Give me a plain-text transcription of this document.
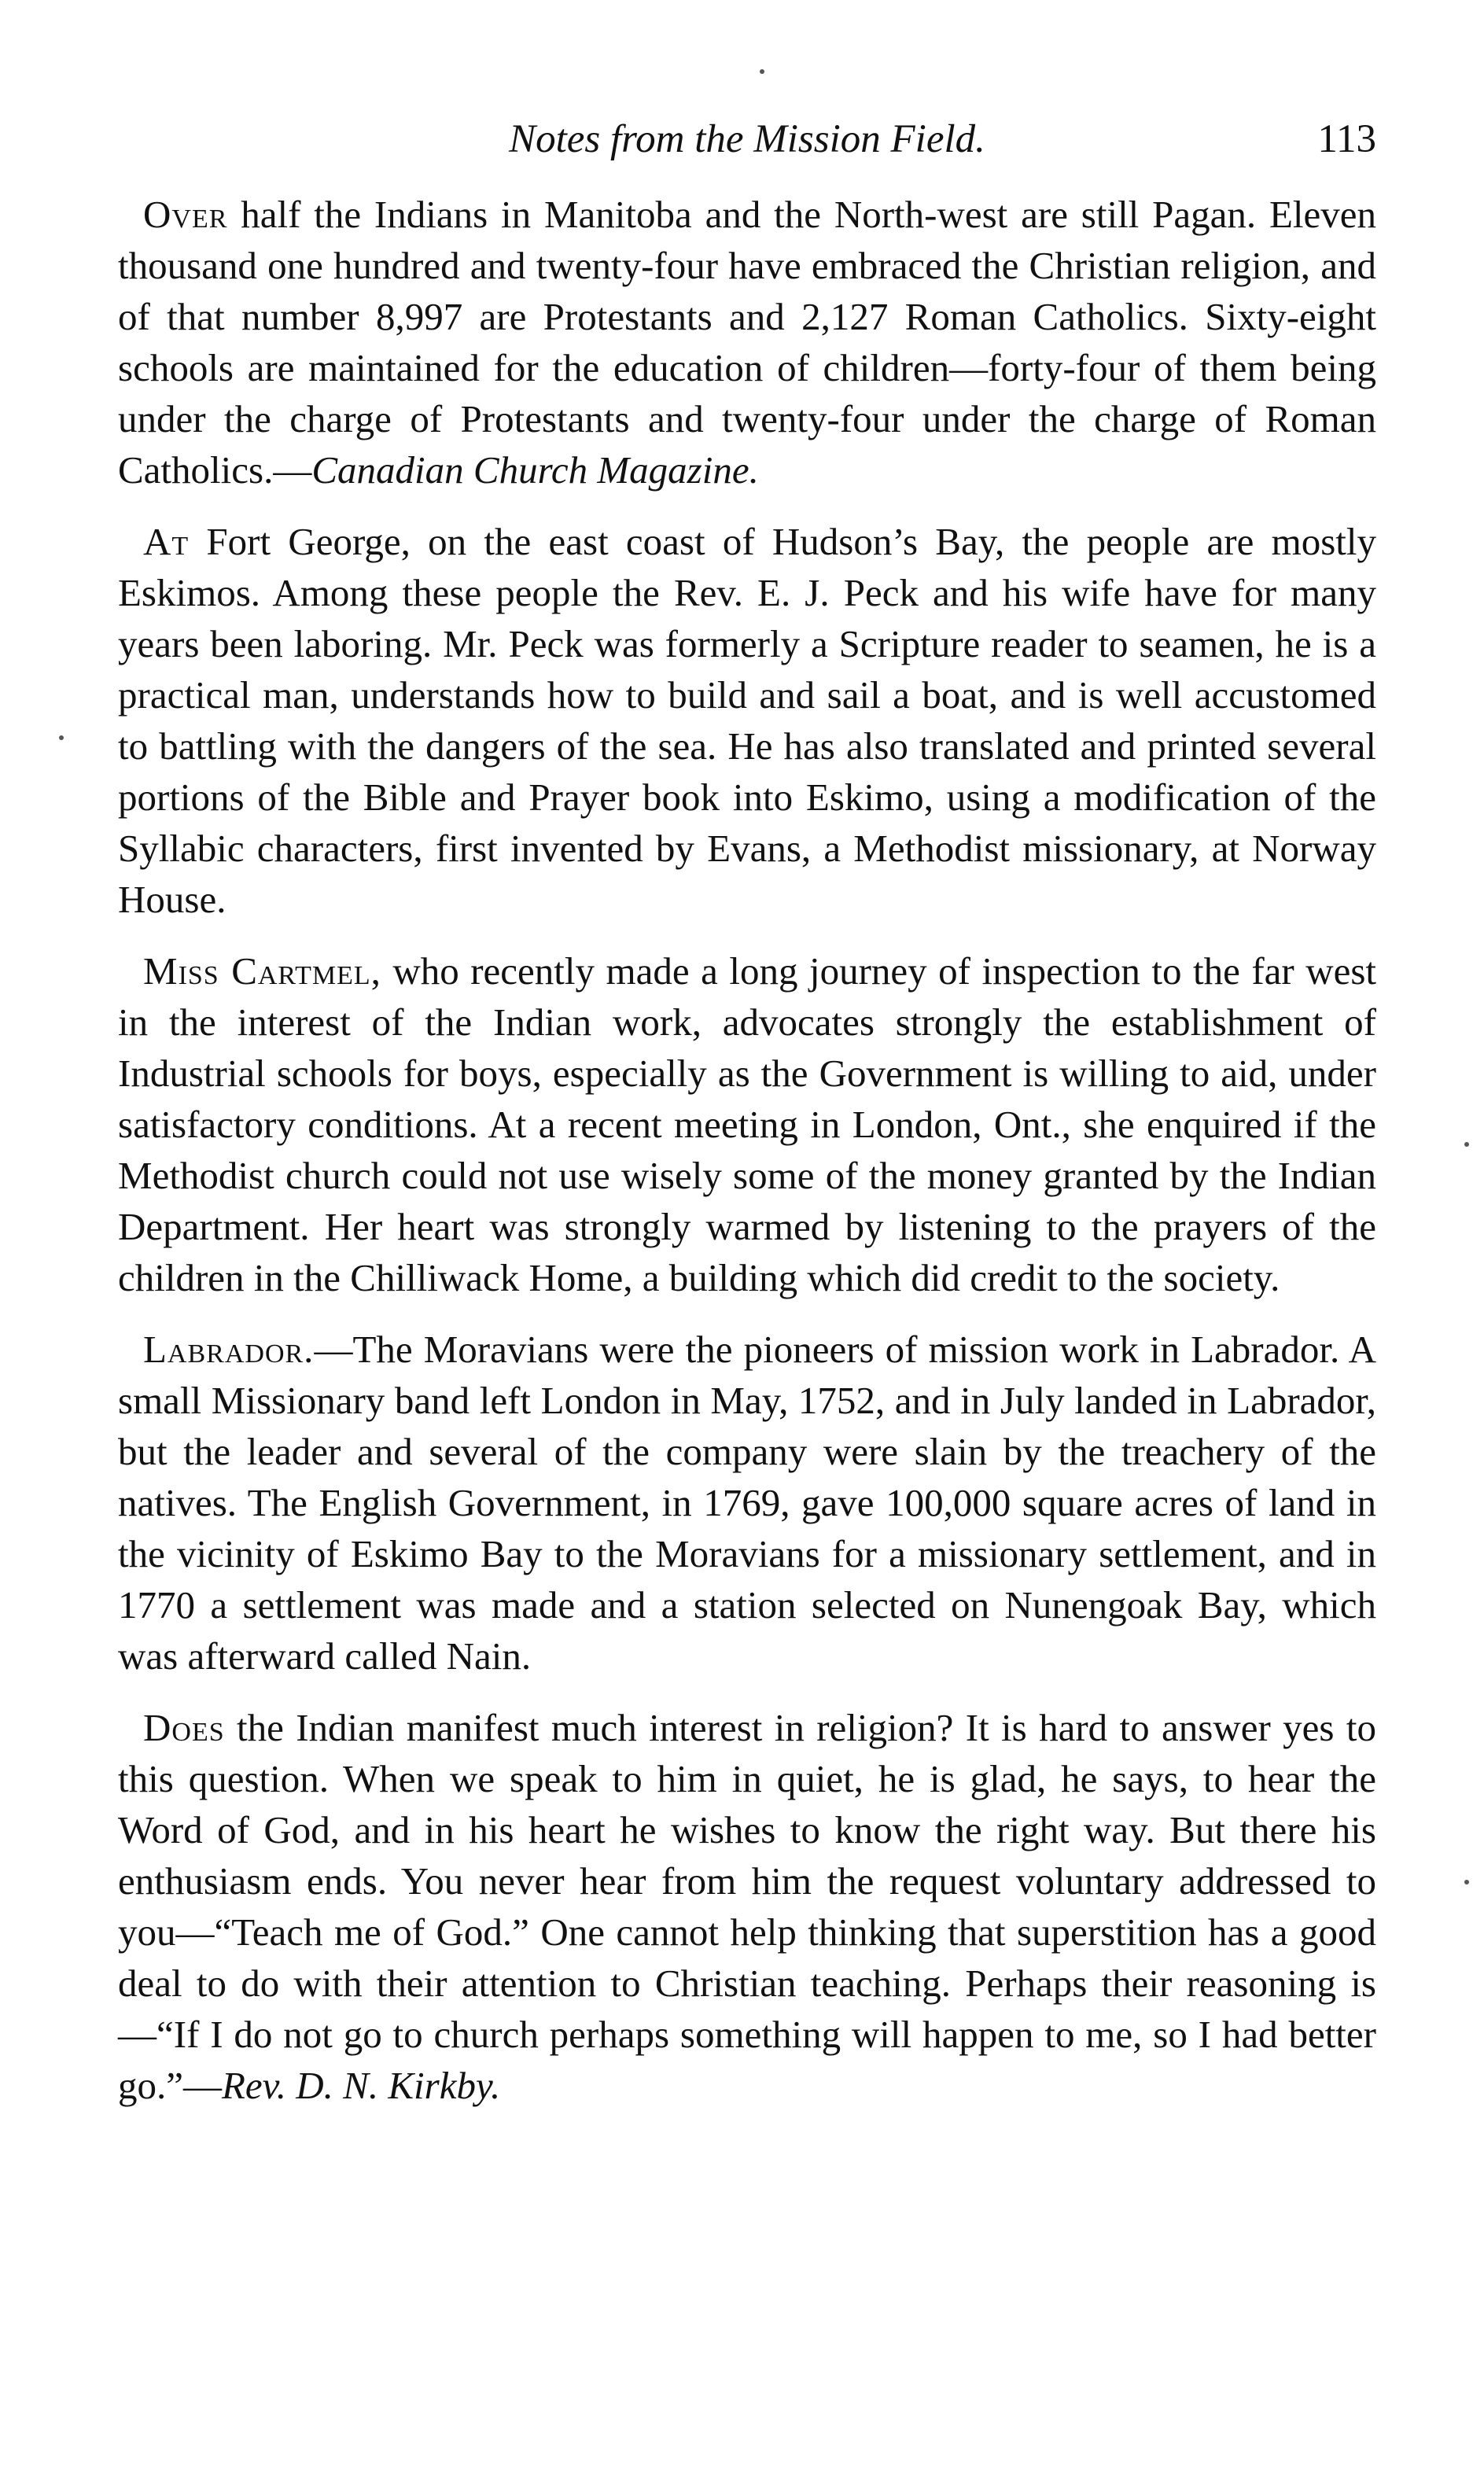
Notes from the Mission Field.	113

Over half the Indians in Manitoba and the North-west are still Pagan. Eleven thousand one hundred and twenty-four have embraced the Christian religion, and of that number 8,997 are Protestants and 2,127 Roman Catholics. Sixty-eight schools are maintained for the education of children—forty-four of them being under the charge of Protestants and twenty-four under the charge of Roman Catholics.—Canadian Church Magazine.

At Fort George, on the east coast of Hudson’s Bay, the people are mostly Eskimos. Among these people the Rev. E. J. Peck and his wife have for many years been laboring. Mr. Peck was formerly a Scripture reader to seamen, he is a practical man, understands how to build and sail a boat, and is well accustomed to battling with the dangers of the sea. He has also translated and printed several portions of the Bible and Prayer book into Eskimo, using a modification of the Syllabic characters, first invented by Evans, a Methodist missionary, at Norway House.

Miss Cartmel, who recently made a long journey of inspection to the far west in the interest of the Indian work, advocates strongly the establishment of Industrial schools for boys, especially as the Government is willing to aid, under satisfactory conditions. At a recent meeting in London, Ont., she enquired if the Methodist church could not use wisely some of the money granted by the Indian Department. Her heart was strongly warmed by listening to the prayers of the children in the Chilliwack Home, a building which did credit to the society.

Labrador.—The Moravians were the pioneers of mission work in Labrador. A small Missionary band left London in May, 1752, and in July landed in Labrador, but the leader and several of the company were slain by the treachery of the natives. The English Government, in 1769, gave 100,000 square acres of land in the vicinity of Eskimo Bay to the Moravians for a missionary settlement, and in 1770 a settlement was made and a station selected on Nunengoak Bay, which was afterward called Nain.

Does the Indian manifest much interest in religion? It is hard to answer yes to this question. When we speak to him in quiet, he is glad, he says, to hear the Word of God, and in his heart he wishes to know the right way. But there his enthusiasm ends. You never hear from him the request voluntary addressed to you—“Teach me of God.” One cannot help thinking that superstition has a good deal to do with their attention to Christian teaching. Perhaps their reasoning is—“If I do not go to church perhaps something will happen to me, so I had better go.”—Rev. D. N. Kirkby.
